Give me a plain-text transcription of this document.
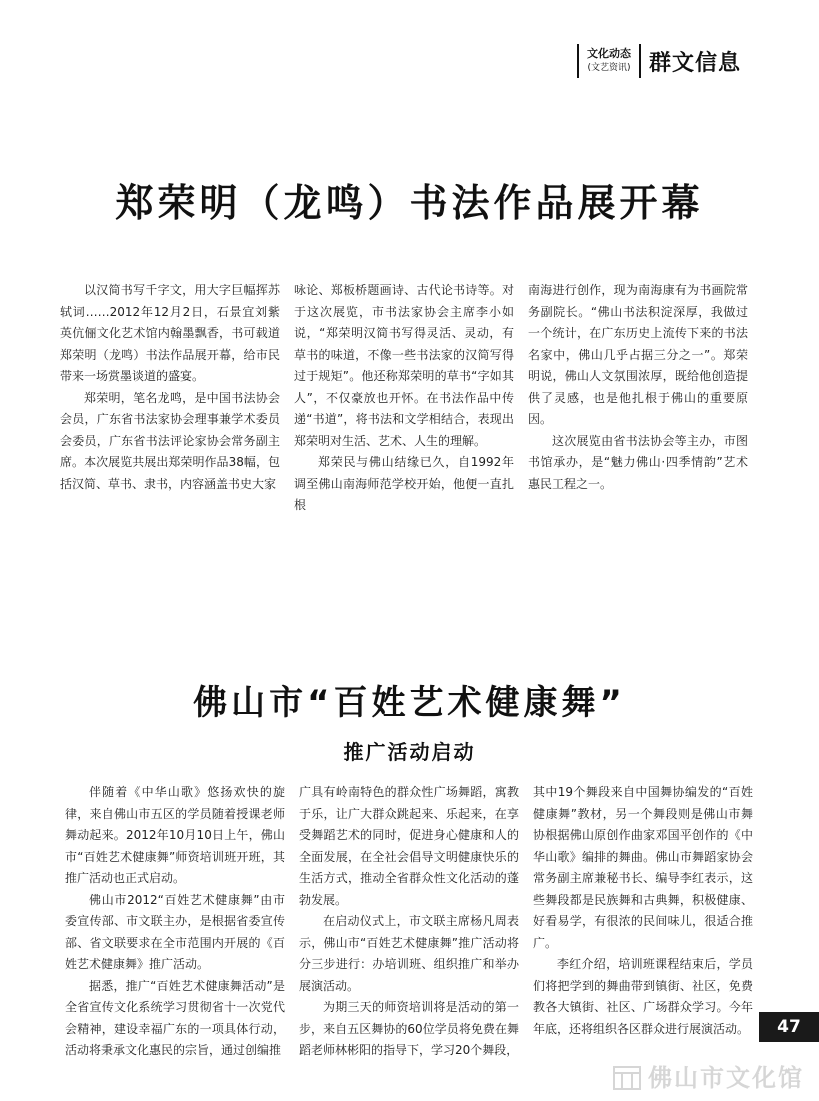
文化动态
(文艺资讯) 群文信息
郑荣明（龙鸣）书法作品展开幕

以汉简书写千字文，用大字巨幅挥苏轼词……2012年12月2日，石景宜刘紫英伉俪文化艺术馆内翰墨飘香，书可载道郑荣明（龙鸣）书法作品展开幕，给市民带来一场赏墨谈道的盛宴。

郑荣明，笔名龙鸣，是中国书法协会会员，广东省书法家协会理事兼学术委员会委员，广东省书法评论家协会常务副主席。本次展览共展出郑荣明作品38幅，包括汉简、草书、隶书，内容涵盖书史大家

咏论、郑板桥题画诗、古代论书诗等。对于这次展览，市书法家协会主席李小如说，“郑荣明汉简书写得灵活、灵动，有草书的味道，不像一些书法家的汉简写得过于规矩”。他还称郑荣明的草书“字如其人”，不仅豪放也开怀。在书法作品中传递“书道”，将书法和文学相结合，表现出郑荣明对生活、艺术、人生的理解。

郑荣民与佛山结缘已久，自1992年调至佛山南海师范学校开始，他便一直扎根

南海进行创作，现为南海康有为书画院常务副院长。“佛山书法积淀深厚，我做过一个统计，在广东历史上流传下来的书法名家中，佛山几乎占据三分之一”。郑荣明说，佛山人文氛围浓厚，既给他创造提供了灵感，也是他扎根于佛山的重要原因。

这次展览由省书法协会等主办，市图书馆承办，是“魅力佛山·四季情韵”艺术惠民工程之一。

佛山市“百姓艺术健康舞”
推广活动启动

伴随着《中华山歌》悠扬欢快的旋律，来自佛山市五区的学员随着授课老师舞动起来。2012年10月10日上午，佛山市“百姓艺术健康舞”师资培训班开班，其推广活动也正式启动。

佛山市2012“百姓艺术健康舞”由市委宣传部、市文联主办，是根据省委宣传部、省文联要求在全市范围内开展的《百姓艺术健康舞》推广活动。

据悉，推广“百姓艺术健康舞活动”是全省宣传文化系统学习贯彻省十一次党代会精神，建设幸福广东的一项具体行动，活动将秉承文化惠民的宗旨，通过创编推

广具有岭南特色的群众性广场舞蹈，寓教于乐，让广大群众跳起来、乐起来，在享受舞蹈艺术的同时，促进身心健康和人的全面发展，在全社会倡导文明健康快乐的生活方式，推动全省群众性文化活动的蓬勃发展。

在启动仪式上，市文联主席杨凡周表示，佛山市“百姓艺术健康舞”推广活动将分三步进行：办培训班、组织推广和举办展演活动。

为期三天的师资培训将是活动的第一步，来自五区舞协的60位学员将免费在舞蹈老师林彬阳的指导下，学习20个舞段，

其中19个舞段来自中国舞协编发的“百姓健康舞”教材，另一个舞段则是佛山市舞协根据佛山原创作曲家邓国平创作的《中华山歌》编排的舞曲。佛山市舞蹈家协会常务副主席兼秘书长、编导李红表示，这些舞段都是民族舞和古典舞，积极健康、好看易学，有很浓的民间味儿，很适合推广。

李红介绍，培训班课程结束后，学员们将把学到的舞曲带到镇街、社区，免费教各大镇街、社区、广场群众学习。今年年底，还将组织各区群众进行展演活动。 47
佛山市文化馆
